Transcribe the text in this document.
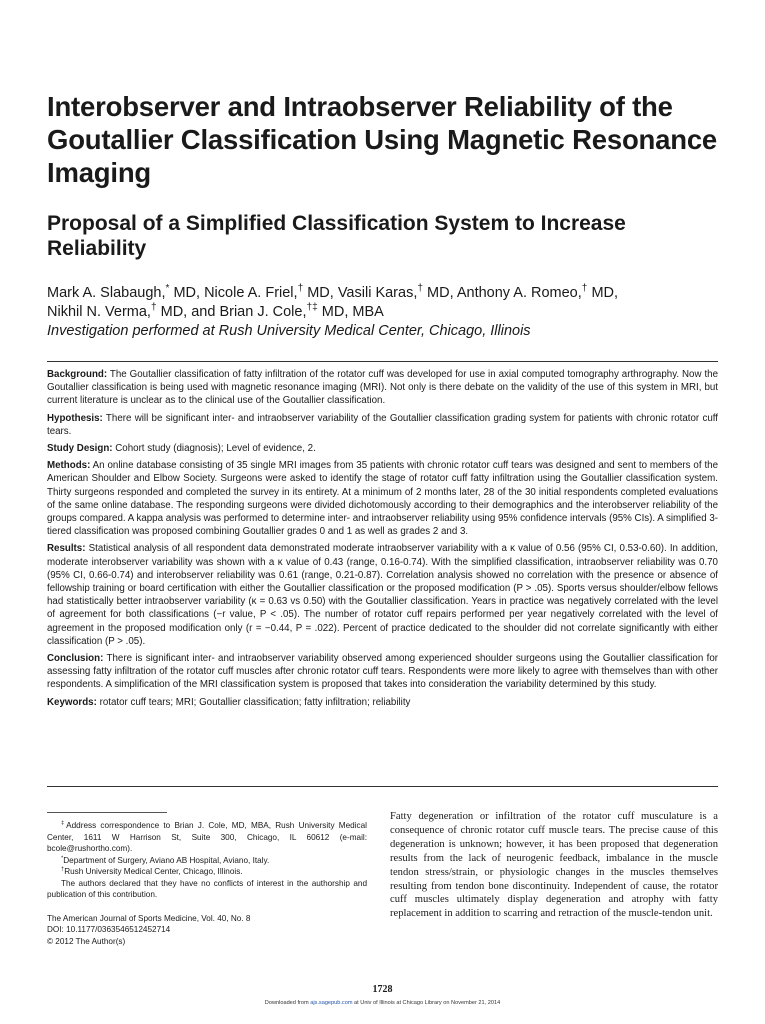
Interobserver and Intraobserver Reliability of the Goutallier Classification Using Magnetic Resonance Imaging
Proposal of a Simplified Classification System to Increase Reliability
Mark A. Slabaugh,* MD, Nicole A. Friel,† MD, Vasili Karas,† MD, Anthony A. Romeo,† MD,
Nikhil N. Verma,† MD, and Brian J. Cole,†‡ MD, MBA
Investigation performed at Rush University Medical Center, Chicago, Illinois

Background: The Goutallier classification of fatty infiltration of the rotator cuff was developed for use in axial computed tomography arthrography. Now the Goutallier classification is being used with magnetic resonance imaging (MRI). Not only is there debate on the validity of the use of this system in MRI, but current literature is unclear as to the clinical use of the Goutallier classification.

Hypothesis: There will be significant inter- and intraobserver variability of the Goutallier classification grading system for patients with chronic rotator cuff tears.

Study Design: Cohort study (diagnosis); Level of evidence, 2.

Methods: An online database consisting of 35 single MRI images from 35 patients with chronic rotator cuff tears was designed and sent to members of the American Shoulder and Elbow Society. Surgeons were asked to identify the stage of rotator cuff fatty infiltration using the Goutallier classification system. Thirty surgeons responded and completed the survey in its entirety. At a minimum of 2 months later, 28 of the 30 initial respondents completed evaluations of the same online database. The responding surgeons were divided dichotomously according to their demographics and the interobserver reliability of the groups compared. A kappa analysis was performed to determine inter- and intraobserver reliability using 95% confidence intervals (95% CIs). A simplified 3-tiered classification was proposed combining Goutallier grades 0 and 1 as well as grades 2 and 3.

Results: Statistical analysis of all respondent data demonstrated moderate intraobserver variability with a κ value of 0.56 (95% CI, 0.53-0.60). In addition, moderate interobserver variability was shown with a κ value of 0.43 (range, 0.16-0.74). With the simplified classification, intraobserver reliability was 0.70 (95% CI, 0.66-0.74) and interobserver reliability was 0.61 (range, 0.21-0.87). Correlation analysis showed no correlation with the presence or absence of fellowship training or board certification with either the Goutallier classification or the proposed modification (P > .05). Sports versus shoulder/elbow fellows had statistically better intraobserver variability (κ = 0.63 vs 0.50) with the Goutallier classification. Years in practice was negatively correlated with the level of agreement for both classifications (−r value, P < .05). The number of rotator cuff repairs performed per year negatively correlated with the level of agreement in the proposed modification only (r = −0.44, P = .022). Percent of practice dedicated to the shoulder did not correlate significantly with either classification (P > .05).

Conclusion: There is significant inter- and intraobserver variability observed among experienced shoulder surgeons using the Goutallier classification for assessing fatty infiltration of the rotator cuff muscles after chronic rotator cuff tears. Respondents were more likely to agree with themselves than with other respondents. A simplification of the MRI classification system is proposed that takes into consideration the variability determined by this study.

Keywords: rotator cuff tears; MRI; Goutallier classification; fatty infiltration; reliability

‡Address correspondence to Brian J. Cole, MD, MBA, Rush University Medical Center, 1611 W Harrison St, Suite 300, Chicago, IL 60612 (e-mail: bcole@rushortho.com).

*Department of Surgery, Aviano AB Hospital, Aviano, Italy.

†Rush University Medical Center, Chicago, Illinois.

The authors declared that they have no conflicts of interest in the authorship and publication of this contribution.

The American Journal of Sports Medicine, Vol. 40, No. 8
DOI: 10.1177/0363546512452714
© 2012 The Author(s)
Fatty degeneration or infiltration of the rotator cuff musculature is a consequence of chronic rotator cuff muscle tears. The precise cause of this degeneration is unknown; however, it has been proposed that degeneration results from the lack of neurogenic feedback, imbalance in the muscle tendon stress/strain, or physiologic changes in the muscles themselves resulting from tendon bone discontinuity. Independent of cause, the rotator cuff muscles ultimately display degeneration and atrophy with fatty replacement in addition to scarring and retraction of the muscle-tendon unit.
1728
Downloaded from ajs.sagepub.com at Univ of Illinois at Chicago Library on November 21, 2014
